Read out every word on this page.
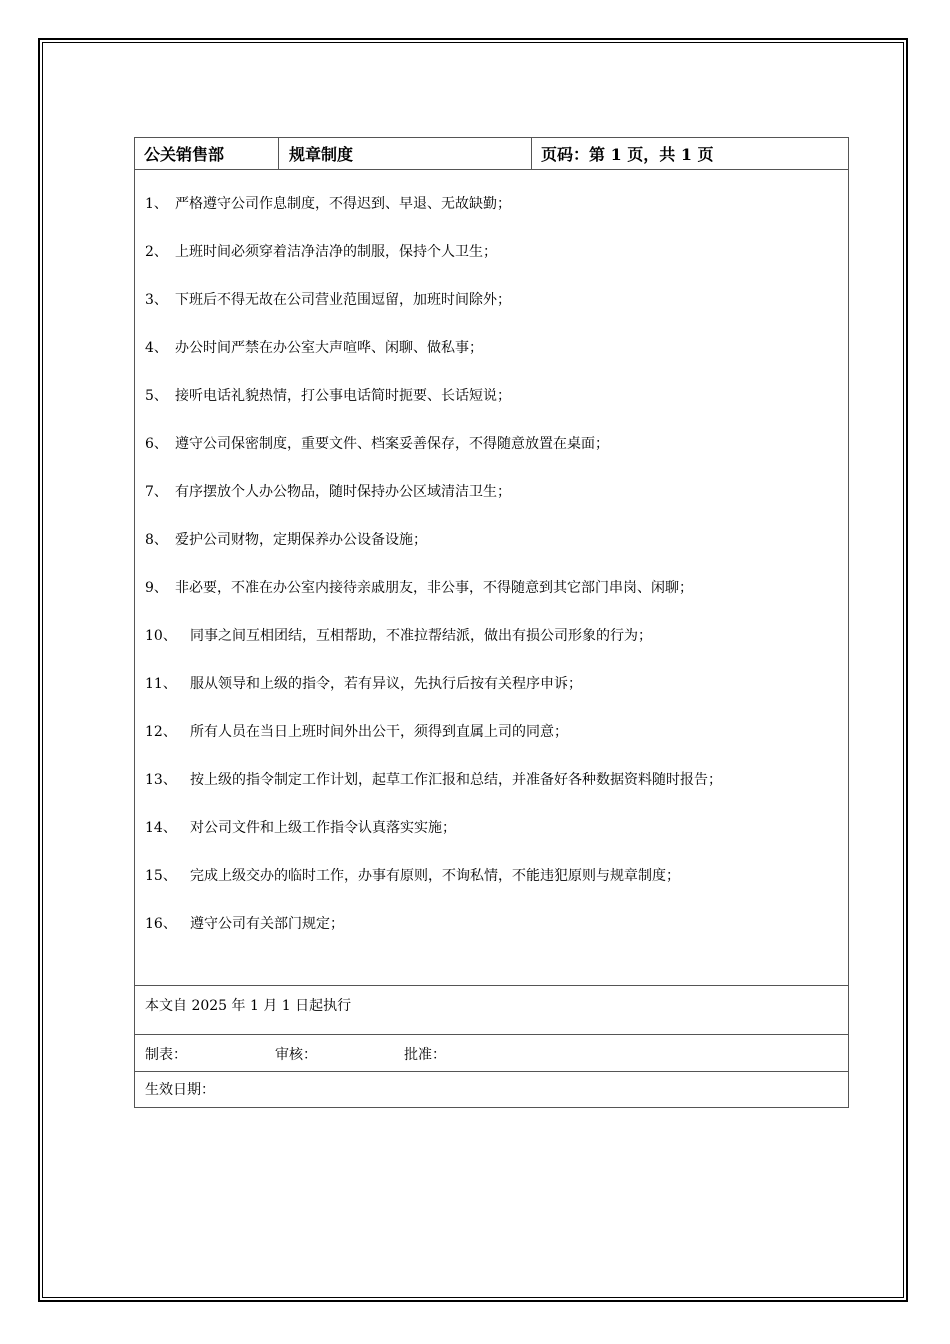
公关销售部	规章制度	页码：第 1 页，共 1 页
1、 严格遵守公司作息制度，不得迟到、早退、无故缺勤；
2、 上班时间必须穿着洁净洁净的制服，保持个人卫生；
3、 下班后不得无故在公司营业范围逗留，加班时间除外；
4、 办公时间严禁在办公室大声喧哗、闲聊、做私事；
5、 接听电话礼貌热情，打公事电话简时扼要、长话短说；
6、 遵守公司保密制度，重要文件、档案妥善保存，不得随意放置在桌面；
7、 有序摆放个人办公物品，随时保持办公区域清洁卫生；
8、 爱护公司财物，定期保养办公设备设施；
9、 非必要，不准在办公室内接待亲戚朋友，非公事，不得随意到其它部门串岗、闲聊；
10、 同事之间互相团结，互相帮助，不准拉帮结派，做出有损公司形象的行为；
11、 服从领导和上级的指令，若有异议，先执行后按有关程序申诉；
12、 所有人员在当日上班时间外出公干，须得到直属上司的同意；
13、 按上级的指令制定工作计划，起草工作汇报和总结，并准备好各种数据资料随时报告；
14、 对公司文件和上级工作指令认真落实实施；
15、 完成上级交办的临时工作，办事有原则，不询私情，不能违犯原则与规章制度；
16、 遵守公司有关部门规定；
本文自 2025 年 1 月 1 日起执行
制表：	审核：	批准：
生效日期：
